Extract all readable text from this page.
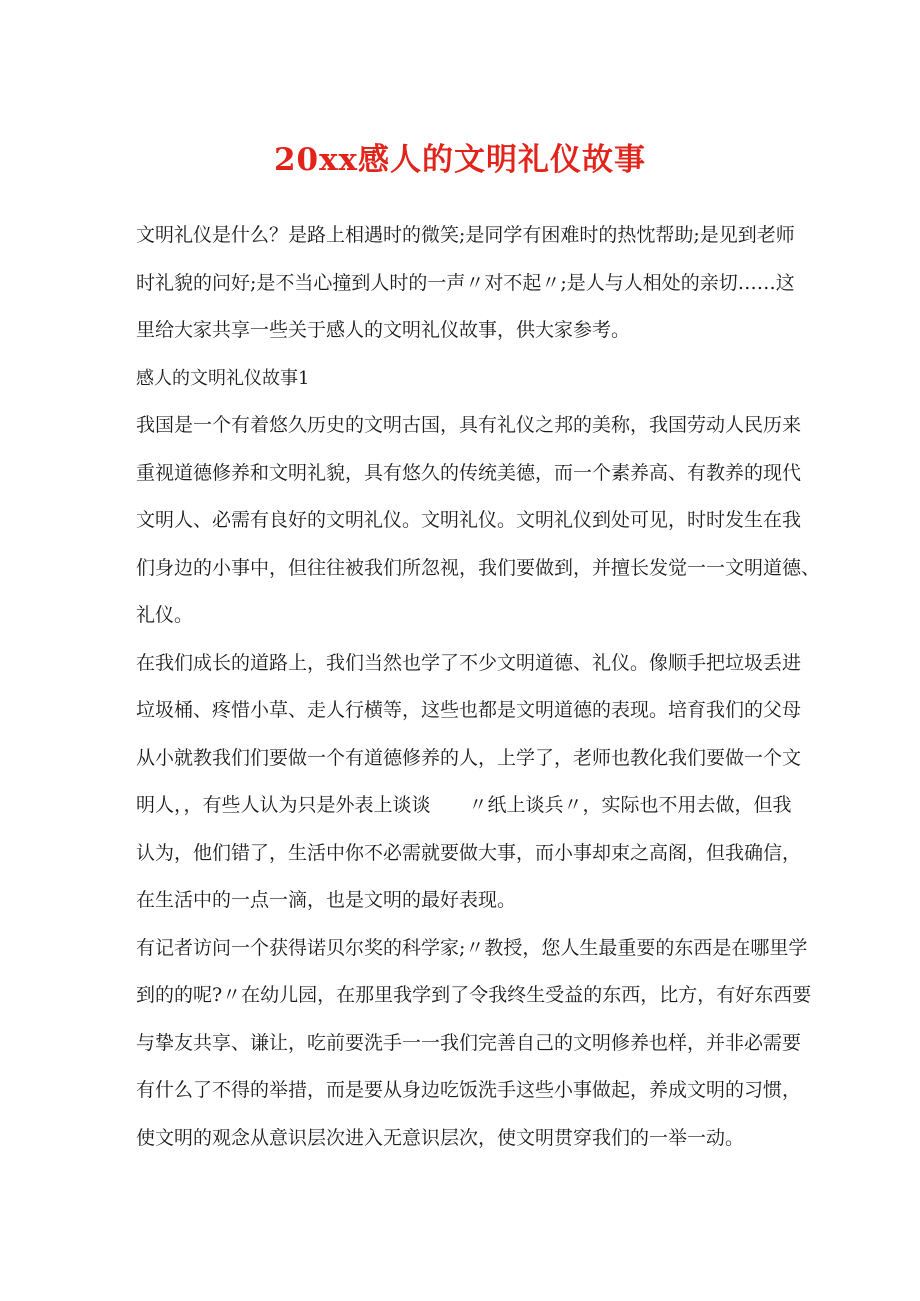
20xx感人的文明礼仪故事
文明礼仪是什么？是路上相遇时的微笑;是同学有困难时的热忱帮助;是见到老师
时礼貌的问好;是不当心撞到人时的一声〃对不起〃;是人与人相处的亲切……这
里给大家共享一些关于感人的文明礼仪故事，供大家参考。
感人的文明礼仪故事1
我国是一个有着悠久历史的文明古国，具有礼仪之邦的美称，我国劳动人民历来
重视道德修养和文明礼貌，具有悠久的传统美德，而一个素养高、有教养的现代
文明人、必需有良好的文明礼仪。文明礼仪。文明礼仪到处可见，时时发生在我
们身边的小事中，但往往被我们所忽视，我们要做到，并擅长发觉一一文明道德、
礼仪。
在我们成长的道路上，我们当然也学了不少文明道德、礼仪。像顺手把垃圾丢进
垃圾桶、疼惜小草、走人行横等，这些也都是文明道德的表现。培育我们的父母
从小就教我们们要做一个有道德修养的人，上学了，老师也教化我们要做一个文
明人，，有些人认为只是外表上谈谈　　〃纸上谈兵〃，实际也不用去做，但我
认为，他们错了，生活中你不必需就要做大事，而小事却束之高阁，但我确信，
在生活中的一点一滴，也是文明的最好表现。
有记者访问一个获得诺贝尔奖的科学家;〃教授，您人生最重要的东西是在哪里学
到的的呢?〃在幼儿园，在那里我学到了令我终生受益的东西，比方，有好东西要
与挚友共享、谦让，吃前要洗手一一我们完善自己的文明修养也样，并非必需要
有什么了不得的举措，而是要从身边吃饭洗手这些小事做起，养成文明的习惯，
使文明的观念从意识层次进入无意识层次，使文明贯穿我们的一举一动。
